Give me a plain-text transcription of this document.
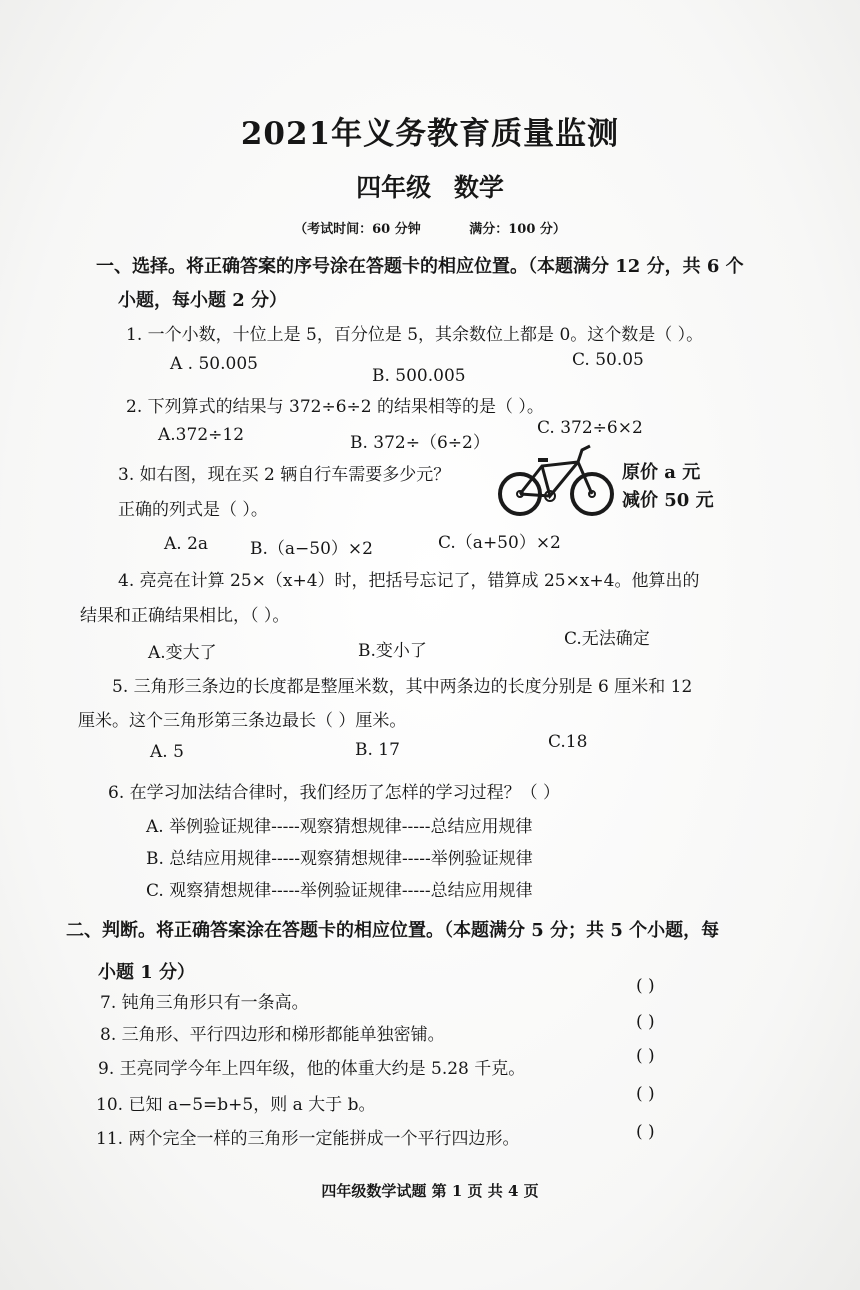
2021年义务教育质量监测
四年级 数学
（考试时间：60 分钟	满分：100 分）
一、选择。将正确答案的序号涂在答题卡的相应位置。（本题满分 12 分，共 6 个
小题，每小题 2 分）
1. 一个小数，十位上是 5，百分位是 5，其余数位上都是 0。这个数是（ ）。
A . 50.005
B. 500.005
C. 50.05
2. 下列算式的结果与 372÷6÷2 的结果相等的是（ ）。
A.372÷12	B. 372÷（6÷2）
C. 372÷6×2
3. 如右图，现在买 2 辆自行车需要多少元？
正确的列式是（ ）。
原价 a 元
减价 50 元
A. 2a B.（a−50）×2	C.（a+50）×2
4. 亮亮在计算 25×（x+4）时，把括号忘记了，错算成 25×x+4。他算出的
结果和正确结果相比，（ ）。
A.变大了	B.变小了
C.无法确定
5. 三角形三条边的长度都是整厘米数，其中两条边的长度分别是 6 厘米和 12
厘米。这个三角形第三条边最长（ ）厘米。
A. 5	B. 17	C.18
6. 在学习加法结合律时，我们经历了怎样的学习过程？（ ）
A. 举例验证规律-----观察猜想规律-----总结应用规律
B. 总结应用规律-----观察猜想规律-----举例验证规律
C. 观察猜想规律-----举例验证规律-----总结应用规律
二、判断。将正确答案涂在答题卡的相应位置。（本题满分 5 分；共 5 个小题，每
小题 1 分）
7. 钝角三角形只有一条高。
( )
8. 三角形、平行四边形和梯形都能单独密铺。
( )
9. 王亮同学今年上四年级，他的体重大约是 5.28 千克。
( )
10. 已知 a−5=b+5，则 a 大于 b。
( )
11. 两个完全一样的三角形一定能拼成一个平行四边形。	( )
四年级数学试题 第 1 页 共 4 页
